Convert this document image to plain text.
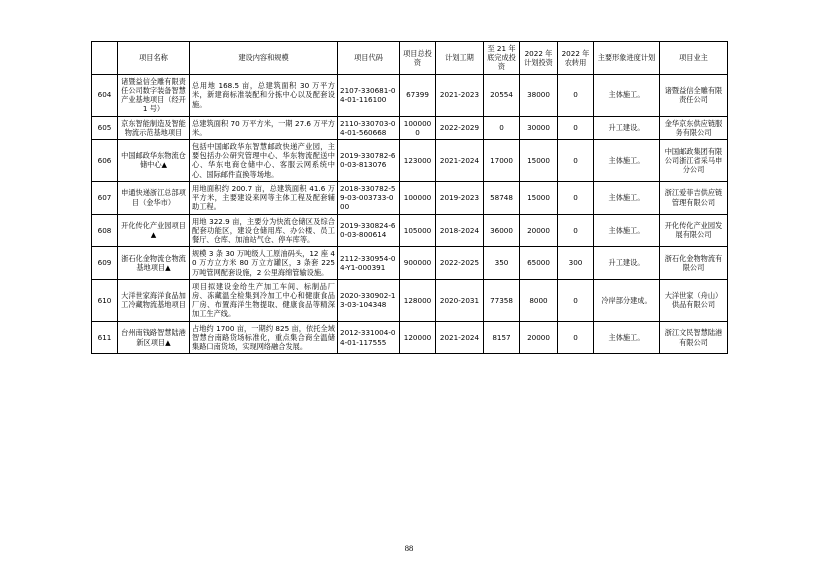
	项目名称	建设内容和规模	项目代码	项目总投资	计划工期	至 21 年底完成投资	2022 年计划投资	2022 年农转用	主要形象进度计划	项目业主
604	诸暨益信全雕有限责任公司数字装备智慧产业基地项目（经开 1 号）	总用地 168.5 亩，总建筑面积 30 万平方米，新建商标准装配和分拣中心以及配套设施。	2107-330681-04-01-116100	67399	2021-2023	20554	38000	0	主体施工。	诸暨益信全雕有限责任公司
605	京东智能制造及智能物流示范基地项目	总建筑面积 70 万平方米，一期 27.6 万平方米。	2110-330703-04-01-560668	1000000	2022-2029	0	30000	0	升工建设。	金华京东供应链服务有限公司
606	中国邮政华东物流仓储中心▲	包括中国邮政华东智慧邮政快递产业园，主要包括办公研究管理中心、华东物流配送中心、华东电商仓储中心、客服云网系统中心、国际邮件直换等场地。	2019-330782-60-03-813076	123000	2021-2024	17000	15000	0	主体施工。	中国邮政集团有限公司浙江省采马申分公司
607	申通快递浙江总部项目（金华市）	用地面积约 200.7 亩，总建筑面积 41.6 万平方米，主要建设来网等主体工程及配套辅助工程。	2018-330782-59-03-003733-000	100000	2019-2023	58748	15000	0	主体施工。	浙江爱菲吉供应链管理有限公司
608	开化传化产业园项目▲	用地 322.9 亩，主要分为快流仓储区及综合配套功能区，建设仓储用库、办公楼、员工餐厅、仓库、加油站气仓、停车库等。	2019-330824-60-03-800614	105000	2018-2024	36000	20000	0	主体施工。	开化传化产业园发展有限公司
609	浙石化金物流仓物流基地项目▲	规模 3 条 30 万吨级人工原油码头，12 座 40 万方立方米 80 万立方罐区，3 条套 225 万吨管网配套设施，2 公里海绵管输设施。	2112-330954-04-Y1-000391	900000	2022-2025	350	65000	300	升工建设。	浙石化金物物流有限公司
610	大洋世家海洋食品加工冷藏物流基地项目	项目拟建设金给生产加工车间、标制品厂房、冻藏温全检集到冷加工中心和健康食品厂房、布置海洋生物提取、健康食品等精深加工生产线。	2020-330902-13-03-104348	128000	2020-2031	77358	8000	0	冷岸部分建成。	大洋世家（舟山）供品有限公司
611	台州南钱路智慧陆港新区项目▲	占地约 1700 亩，一期约 825 亩，依托全域智慧台南路货场标准化，重点集合商全温储集路口南货场，实现网络融合发展。	2012-331004-04-01-117555	120000	2021-2024	8157	20000	0	主体施工。	浙江文民智慧陆港有限公司
88
